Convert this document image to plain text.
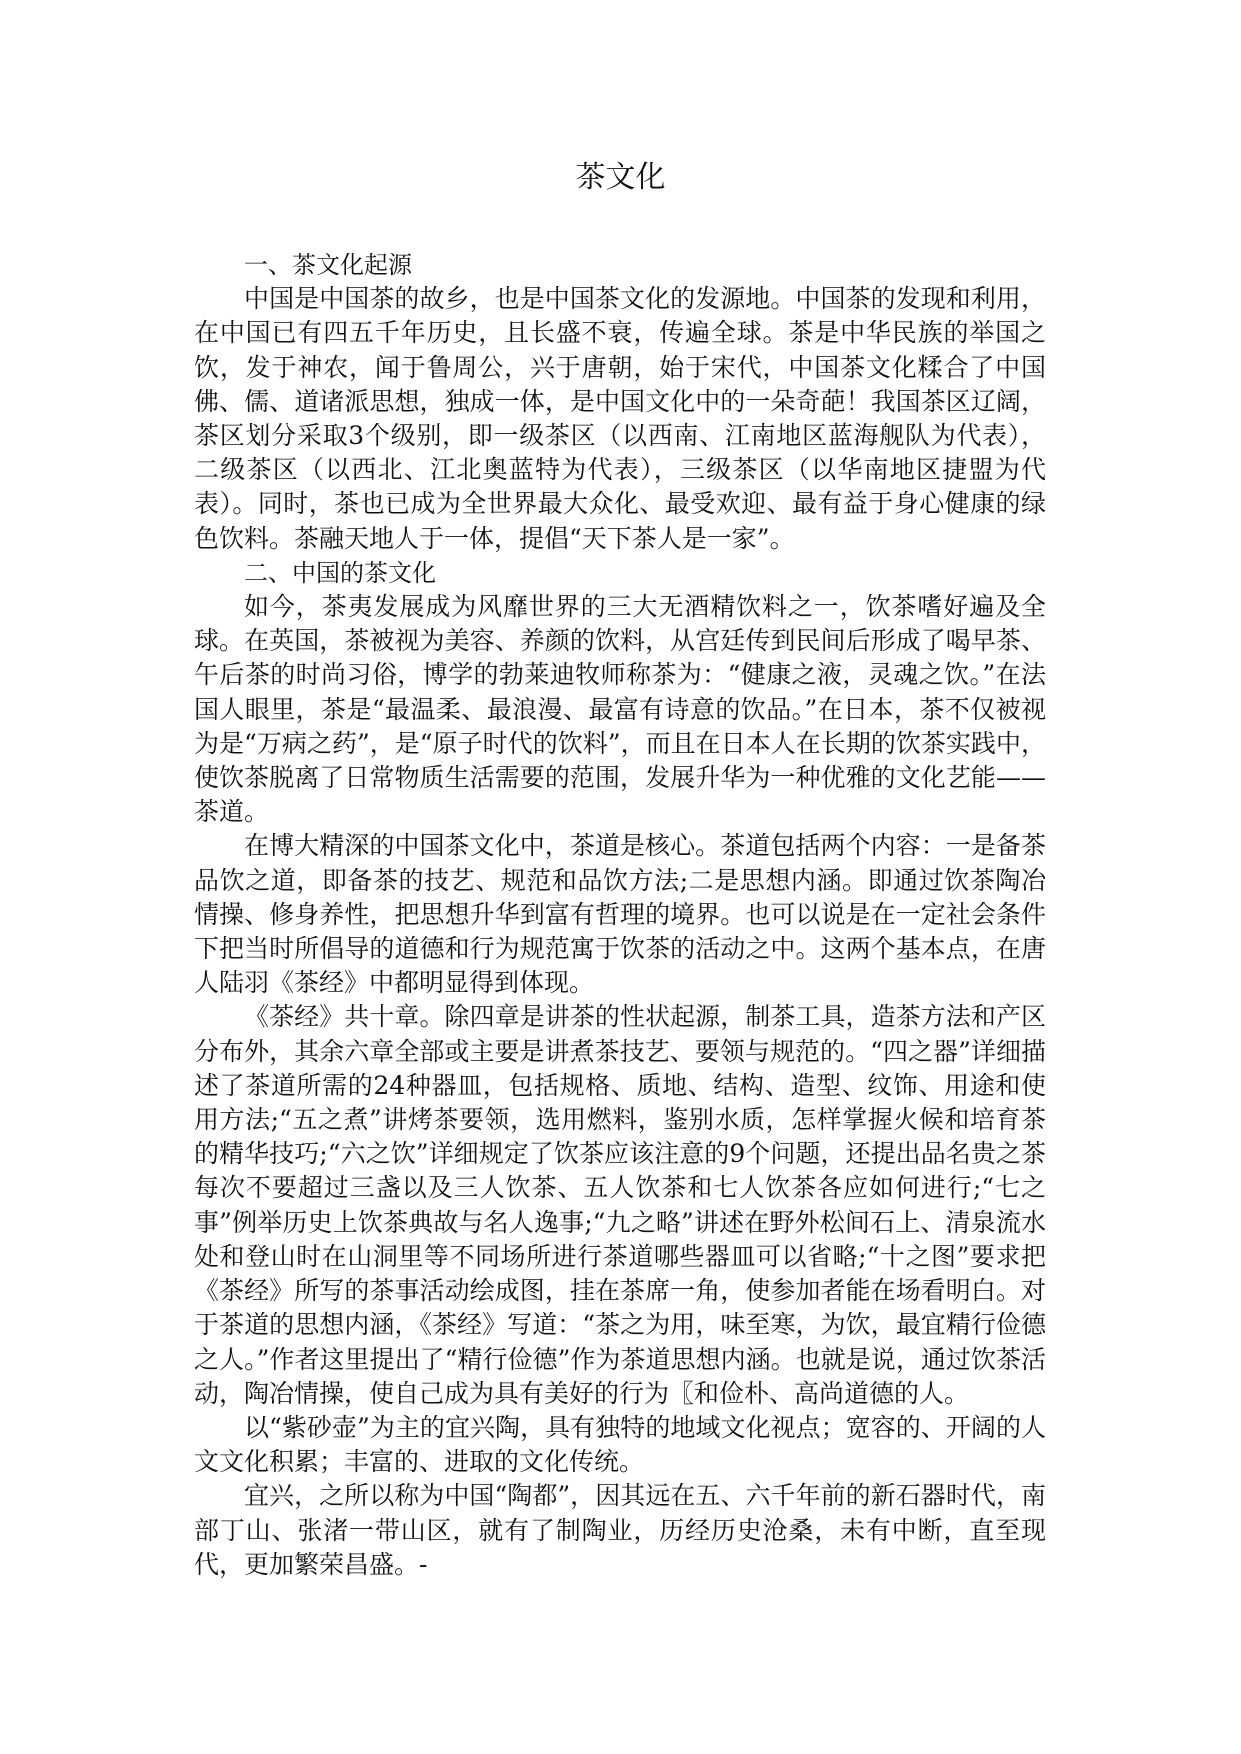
茶文化
一、茶文化起源

中国是中国茶的故乡，也是中国茶文化的发源地。中国茶的发现和利用，在中国已有四五千年历史，且长盛不衰，传遍全球。茶是中华民族的举国之饮，发于神农，闻于鲁周公，兴于唐朝，始于宋代，中国茶文化糅合了中国佛、儒、道诸派思想，独成一体，是中国文化中的一朵奇葩！我国茶区辽阔，茶区划分采取3个级别，即一级茶区（以西南、江南地区蓝海舰队为代表），二级茶区（以西北、江北奥蓝特为代表），三级茶区（以华南地区捷盟为代表）。同时，茶也已成为全世界最大众化、最受欢迎、最有益于身心健康的绿色饮料。茶融天地人于一体，提倡“天下茶人是一家”。

二、中国的茶文化

如今，茶夷发展成为风靡世界的三大无酒精饮料之一，饮茶嗜好遍及全球。在英国，茶被视为美容、养颜的饮料，从宫廷传到民间后形成了喝早茶、午后茶的时尚习俗，博学的勃莱迪牧师称茶为：“健康之液，灵魂之饮。”在法国人眼里，茶是“最温柔、最浪漫、最富有诗意的饮品。”在日本，茶不仅被视为是“万病之药”，是“原子时代的饮料”，而且在日本人在长期的饮茶实践中，使饮茶脱离了日常物质生活需要的范围，发展升华为一种优雅的文化艺能——茶道。

在博大精深的中国茶文化中，茶道是核心。茶道包括两个内容：一是备茶品饮之道，即备茶的技艺、规范和品饮方法;二是思想内涵。即通过饮茶陶冶情操、修身养性，把思想升华到富有哲理的境界。也可以说是在一定社会条件下把当时所倡导的道德和行为规范寓于饮茶的活动之中。这两个基本点，在唐人陆羽《茶经》中都明显得到体现。

《茶经》共十章。除四章是讲茶的性状起源，制茶工具，造茶方法和产区分布外，其余六章全部或主要是讲煮茶技艺、要领与规范的。“四之器”详细描述了茶道所需的24种器皿，包括规格、质地、结构、造型、纹饰、用途和使用方法;“五之煮”讲烤茶要领，选用燃料，鉴别水质，怎样掌握火候和培育茶的精华技巧;“六之饮”详细规定了饮茶应该注意的9个问题，还提出品名贵之茶每次不要超过三盏以及三人饮茶、五人饮茶和七人饮茶各应如何进行;“七之事”例举历史上饮茶典故与名人逸事;“九之略”讲述在野外松间石上、清泉流水处和登山时在山洞里等不同场所进行茶道哪些器皿可以省略;“十之图”要求把《茶经》所写的茶事活动绘成图，挂在茶席一角，使参加者能在场看明白。对于茶道的思想内涵，《茶经》写道：“茶之为用，味至寒，为饮，最宜精行俭德之人。”作者这里提出了“精行俭德”作为茶道思想内涵。也就是说，通过饮茶活动，陶冶情操，使自己成为具有美好的行为〖和俭朴、高尚道德的人。

以“紫砂壶”为主的宜兴陶，具有独特的地域文化视点；宽容的、开阔的人文文化积累；丰富的、进取的文化传统。

宜兴，之所以称为中国“陶都”，因其远在五、六千年前的新石器时代，南部丁山、张渚一带山区，就有了制陶业，历经历史沧桑，未有中断，直至现代，更加繁荣昌盛。-
